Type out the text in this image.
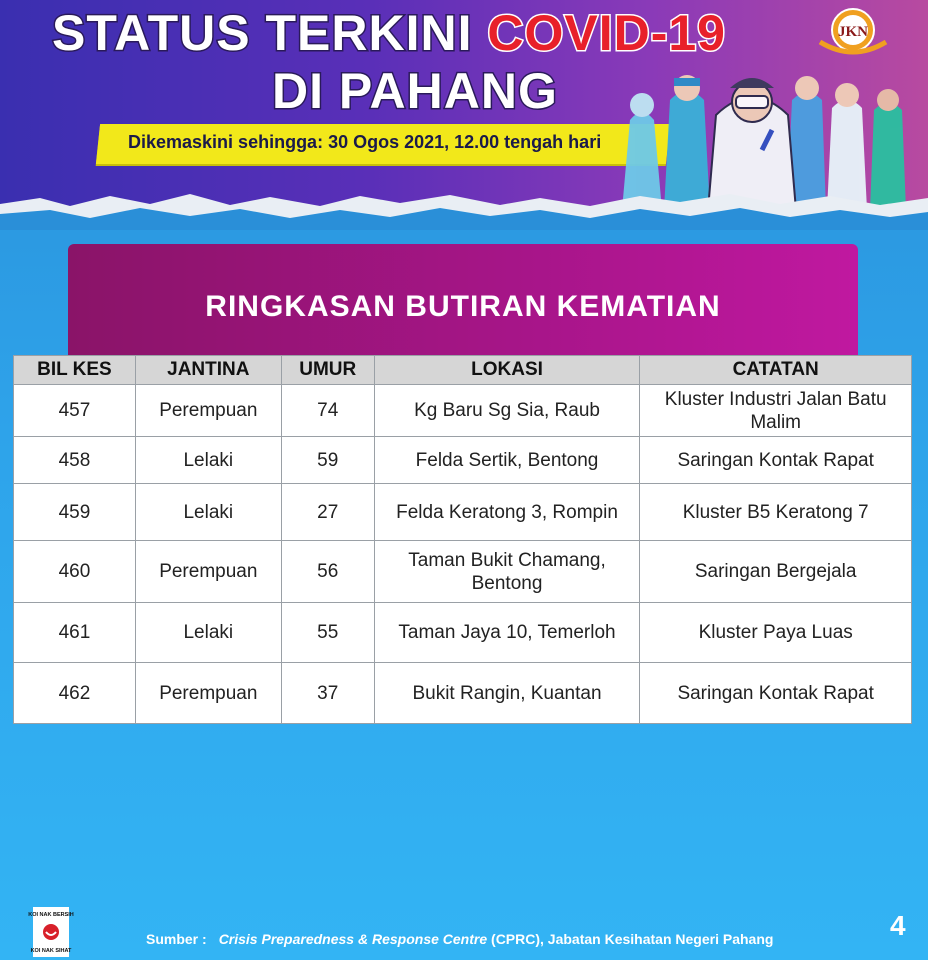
STATUS TERKINI COVID-19
DI PAHANG
Dikemaskini sehingga: 30 Ogos 2021, 12.00 tengah hari
JKN
RINGKASAN BUTIRAN KEMATIAN
BIL KES	JANTINA	UMUR	LOKASI	CATATAN
457	Perempuan	74	Kg Baru Sg Sia, Raub	Kluster Industri Jalan Batu Malim
458	Lelaki	59	Felda Sertik, Bentong	Saringan Kontak Rapat
459	Lelaki	27	Felda Keratong 3, Rompin	Kluster B5 Keratong 7
460	Perempuan	56	Taman Bukit Chamang, Bentong	Saringan Bergejala
461	Lelaki	55	Taman Jaya 10, Temerloh	Kluster Paya Luas
462	Perempuan	37	Bukit Rangin, Kuantan	Saringan Kontak Rapat
KOI NAK BERSIH
KOI NAK SIHAT
Sumber : Crisis Preparedness & Response Centre (CPRC), Jabatan Kesihatan Negeri Pahang	4
